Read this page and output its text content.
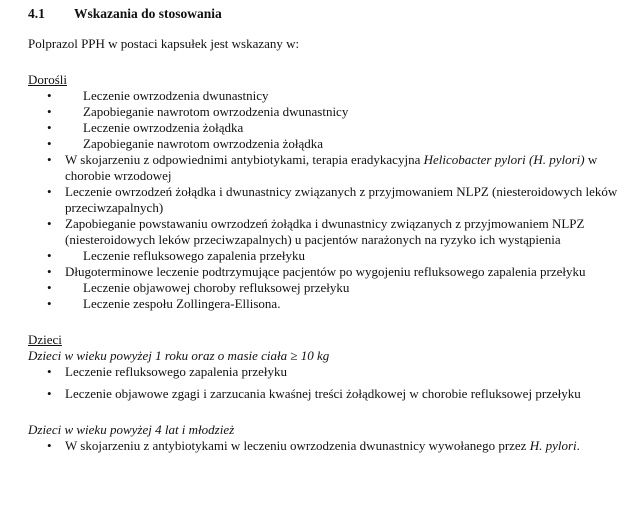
4.1	Wskazania do stosowania

Polprazol PPH w postaci kapsułek jest wskazany w:

Dorośli
• Leczenie owrzodzenia dwunastnicy
• Zapobieganie nawrotom owrzodzenia dwunastnicy
• Leczenie owrzodzenia żołądka
• Zapobieganie nawrotom owrzodzenia żołądka
• W skojarzeniu z odpowiednimi antybiotykami, terapia eradykacyjna Helicobacter pylori (H. pylori) w chorobie wrzodowej
• Leczenie owrzodzeń żołądka i dwunastnicy związanych z przyjmowaniem NLPZ (niesteroidowych leków przeciwzapalnych)
• Zapobieganie powstawaniu owrzodzeń żołądka i dwunastnicy związanych z przyjmowaniem NLPZ (niesteroidowych leków przeciwzapalnych) u pacjentów narażonych na ryzyko ich wystąpienia
• Leczenie refluksowego zapalenia przełyku
• Długoterminowe leczenie podtrzymujące pacjentów po wygojeniu refluksowego zapalenia przełyku
• Leczenie objawowej choroby refluksowej przełyku
• Leczenie zespołu Zollingera-Ellisona.
Dzieci
Dzieci w wieku powyżej 1 roku oraz o masie ciała ≥ 10 kg
• Leczenie refluksowego zapalenia przełyku
• Leczenie objawowe zgagi i zarzucania kwaśnej treści żołądkowej w chorobie refluksowej przełyku
Dzieci w wieku powyżej 4 lat i młodzież
• W skojarzeniu z antybiotykami w leczeniu owrzodzenia dwunastnicy wywołanego przez H. pylori.
